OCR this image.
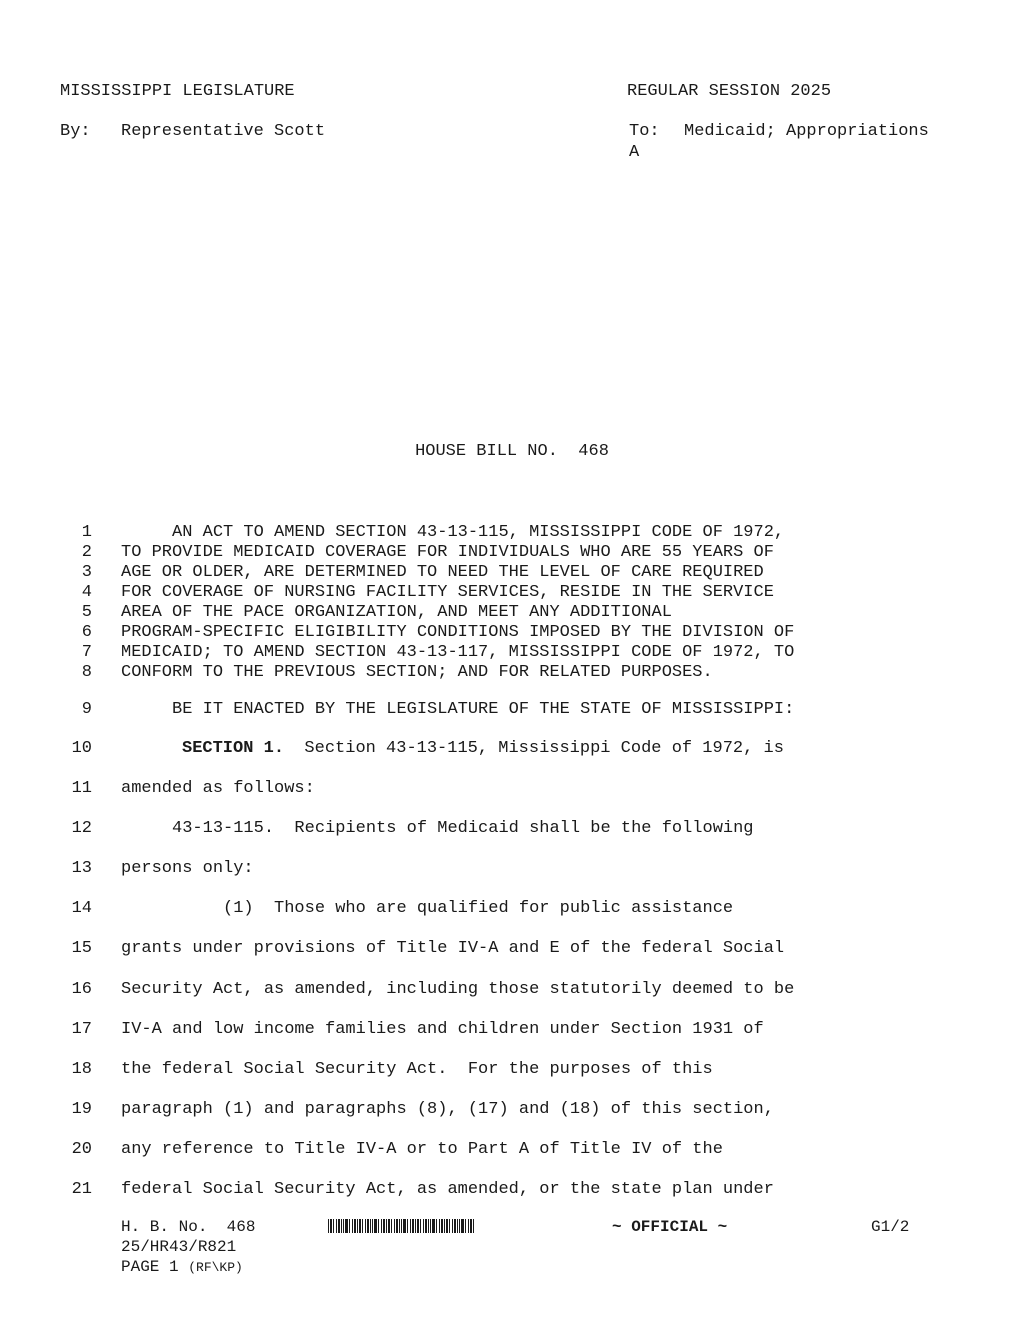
MISSISSIPPI LEGISLATURE	REGULAR SESSION 2025
By: Representative Scott	To: Medicaid; Appropriations
A
HOUSE BILL NO.  468
1 AN ACT TO AMEND SECTION 43-13-115, MISSISSIPPI CODE OF 1972,
2 TO PROVIDE MEDICAID COVERAGE FOR INDIVIDUALS WHO ARE 55 YEARS OF
3 AGE OR OLDER, ARE DETERMINED TO NEED THE LEVEL OF CARE REQUIRED
4 FOR COVERAGE OF NURSING FACILITY SERVICES, RESIDE IN THE SERVICE
5 AREA OF THE PACE ORGANIZATION, AND MEET ANY ADDITIONAL
6 PROGRAM-SPECIFIC ELIGIBILITY CONDITIONS IMPOSED BY THE DIVISION OF
7 MEDICAID; TO AMEND SECTION 43-13-117, MISSISSIPPI CODE OF 1972, TO
8 CONFORM TO THE PREVIOUS SECTION; AND FOR RELATED PURPOSES.
9 BE IT ENACTED BY THE LEGISLATURE OF THE STATE OF MISSISSIPPI:
10	SECTION 1.  Section 43-13-115, Mississippi Code of 1972, is
11 amended as follows:
12 43-13-115.  Recipients of Medicaid shall be the following
13 persons only:
14 (1)  Those who are qualified for public assistance
15 grants under provisions of Title IV-A and E of the federal Social
16 Security Act, as amended, including those statutorily deemed to be
17 IV-A and low income families and children under Section 1931 of
18 the federal Social Security Act.  For the purposes of this
19 paragraph (1) and paragraphs (8), (17) and (18) of this section,
20 any reference to Title IV-A or to Part A of Title IV of the
21 federal Social Security Act, as amended, or the state plan under
H. B. No.  468	~ OFFICIAL ~	G1/2
25/HR43/R821
PAGE 1 (RF\KP)
